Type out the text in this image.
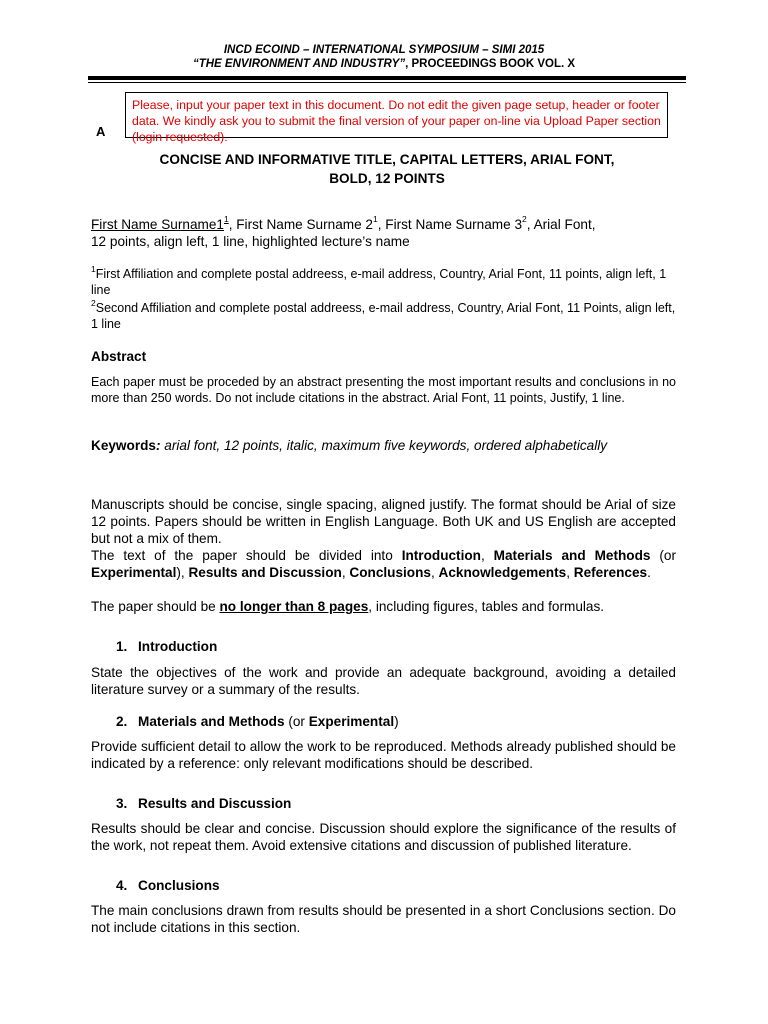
INCD ECOIND – INTERNATIONAL SYMPOSIUM – SIMI 2015
“THE ENVIRONMENT AND INDUSTRY”, PROCEEDINGS BOOK VOL. X
A
Please, input your paper text in this document. Do not edit the given page setup, header or footer data. We kindly ask you to submit the final version of your paper on-line via Upload Paper section (login requested).
CONCISE AND INFORMATIVE TITLE, CAPITAL LETTERS, ARIAL FONT,
BOLD, 12 POINTS
First Name $Surname1^1$, First Name Surname $2^1$, First Name Surname $3^2$, Arial Font,
12 points, align left, 1 line, highlighted lecture’s name
$^1$First Affiliation and complete postal addreess, e-mail address, Country, Arial Font, 11 points, align left, 1 line
$^2$Second Affiliation and complete postal addreess, e-mail address, Country, Arial Font, 11 Points, align left, 1 line
Abstract
Each paper must be proceded by an abstract presenting the most important results and conclusions in no more than 250 words. Do not include citations in the abstract. Arial Font, 11 points, Justify, 1 line.
Keywords: arial font, 12 points, italic, maximum five keywords, ordered alphabetically
Manuscripts should be concise, single spacing, aligned justify. The format should be Arial of size 12 points. Papers should be written in English Language. Both UK and US English are accepted but not a mix of them.
The text of the paper should be divided into Introduction, Materials and Methods (or Experimental), Results and Discussion, Conclusions, Acknowledgements, References.
The paper should be no longer than 8 pages, including figures, tables and formulas.
1. Introduction
State the objectives of the work and provide an adequate background, avoiding a detailed literature survey or a summary of the results.
2. Materials and Methods (or Experimental)
Provide sufficient detail to allow the work to be reproduced. Methods already published should be indicated by a reference: only relevant modifications should be described.
3. Results and Discussion
Results should be clear and concise. Discussion should explore the significance of the results of the work, not repeat them. Avoid extensive citations and discussion of published literature.
4. Conclusions
The main conclusions drawn from results should be presented in a short Conclusions section. Do not include citations in this section.
